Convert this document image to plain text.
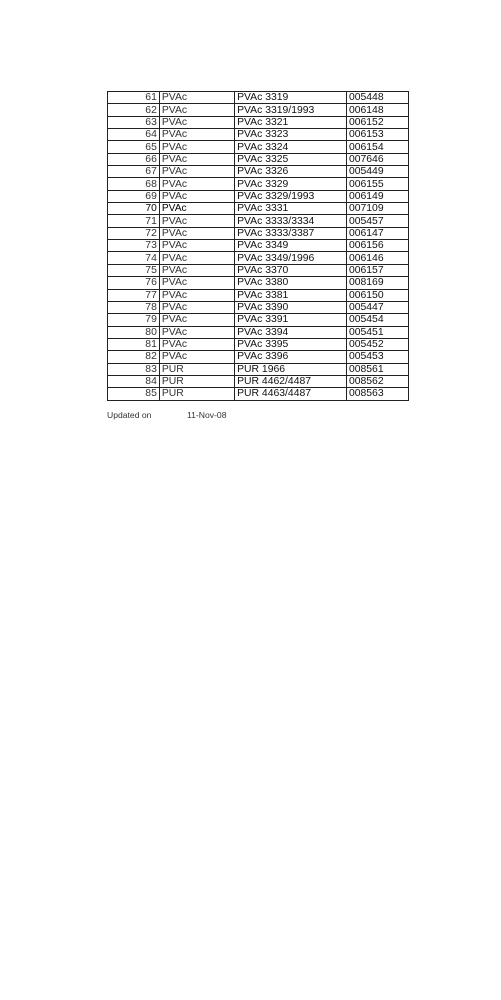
61	PVAc	PVAc 3319	005448
62	PVAc	PVAc 3319/1993	006148
63	PVAc	PVAc 3321	006152
64	PVAc	PVAc 3323	006153
65	PVAc	PVAc 3324	006154
66	PVAc	PVAc 3325	007646
67	PVAc	PVAc 3326	005449
68	PVAc	PVAc 3329	006155
69	PVAc	PVAc 3329/1993	006149
70	PVAc	PVAc 3331	007109
71	PVAc	PVAc 3333/3334	005457
72	PVAc	PVAc 3333/3387	006147
73	PVAc	PVAc 3349	006156
74	PVAc	PVAc 3349/1996	006146
75	PVAc	PVAc 3370	006157
76	PVAc	PVAc 3380	008169
77	PVAc	PVAc 3381	006150
78	PVAc	PVAc 3390	005447
79	PVAc	PVAc 3391	005454
80	PVAc	PVAc 3394	005451
81	PVAc	PVAc 3395	005452
82	PVAc	PVAc 3396	005453
83	PUR	PUR 1966	008561
84	PUR	PUR 4462/4487	008562
85	PUR	PUR 4463/4487	008563
Updated on	11-Nov-08
